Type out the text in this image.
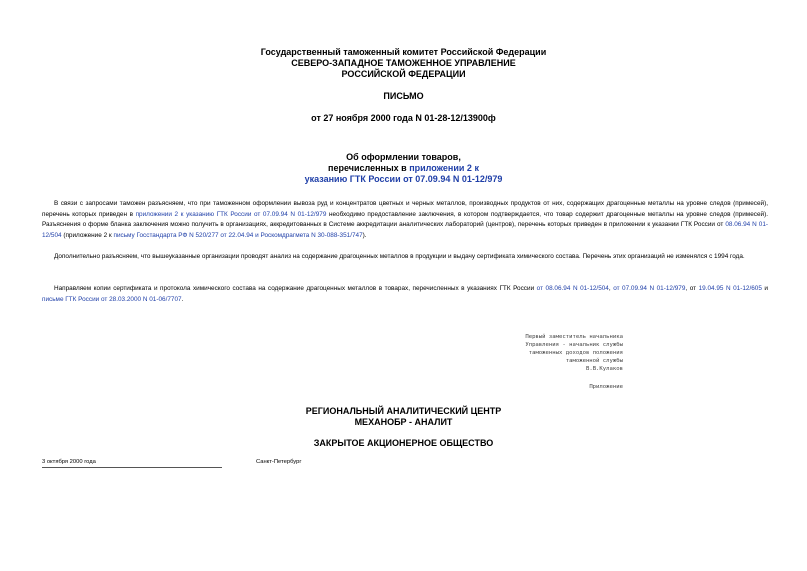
Государственный таможенный комитет Российской Федерации
СЕВЕРО-ЗАПАДНОЕ ТАМОЖЕННОЕ УПРАВЛЕНИЕ
РОССИЙСКОЙ ФЕДЕРАЦИИ
ПИСЬМО
от 27 ноября 2000 года N 01-28-12/13900ф
Об оформлении товаров,
перечисленных в приложении 2 к
указанию ГТК России от 07.09.94 N 01-12/979
В связи с запросами таможен разъясняем, что при таможенном оформлении вывоза руд и концентратов цветных и черных металлов, производных продуктов от них, содержащих драгоценные металлы на уровне следов (примесей), перечень которых приведен в приложении 2 к указанию ГТК России от 07.09.94 N 01-12/979 необходимо предоставление заключения, в котором подтверждается, что товар содержит драгоценные металлы на уровне следов (примесей). Разъяснения о форме бланка заключения можно получить в организациях, аккредитованных в Системе аккредитации аналитических лабораторий (центров), перечень которых приведен в приложении к указании ГТК России от 08.06.94 N 01-12/504 (приложение 2 к письму Госстандарта РФ N 520/277 от 22.04.94 и Роскомдрагмета N 30-088-351/747).
Дополнительно разъясняем, что вышеуказанные организации проводят анализ на содержание драгоценных металлов в продукции и выдачу сертификата химического состава. Перечень этих организаций не изменялся с 1994 года.
Направляем копии сертификата и протокола химического состава на содержание драгоценных металлов в товарах, перечисленных в указаниях ГТК России от 08.06.94 N 01-12/504, от 07.09.94 N 01-12/979, от 19.04.95 N 01-12/605 и письме ГТК России от 28.03.2000 N 01-06/7707.
Первый заместитель начальника
Управления - начальник службы
таможенных доходов положения
таможенной службы
В.В.Кулаков
Приложение
РЕГИОНАЛЬНЫЙ АНАЛИТИЧЕСКИЙ ЦЕНТР
МЕХАНОБР - АНАЛИТ
ЗАКРЫТОЕ АКЦИОНЕРНОЕ ОБЩЕСТВО
3 октября 2000 года	Санкт-Петербург
